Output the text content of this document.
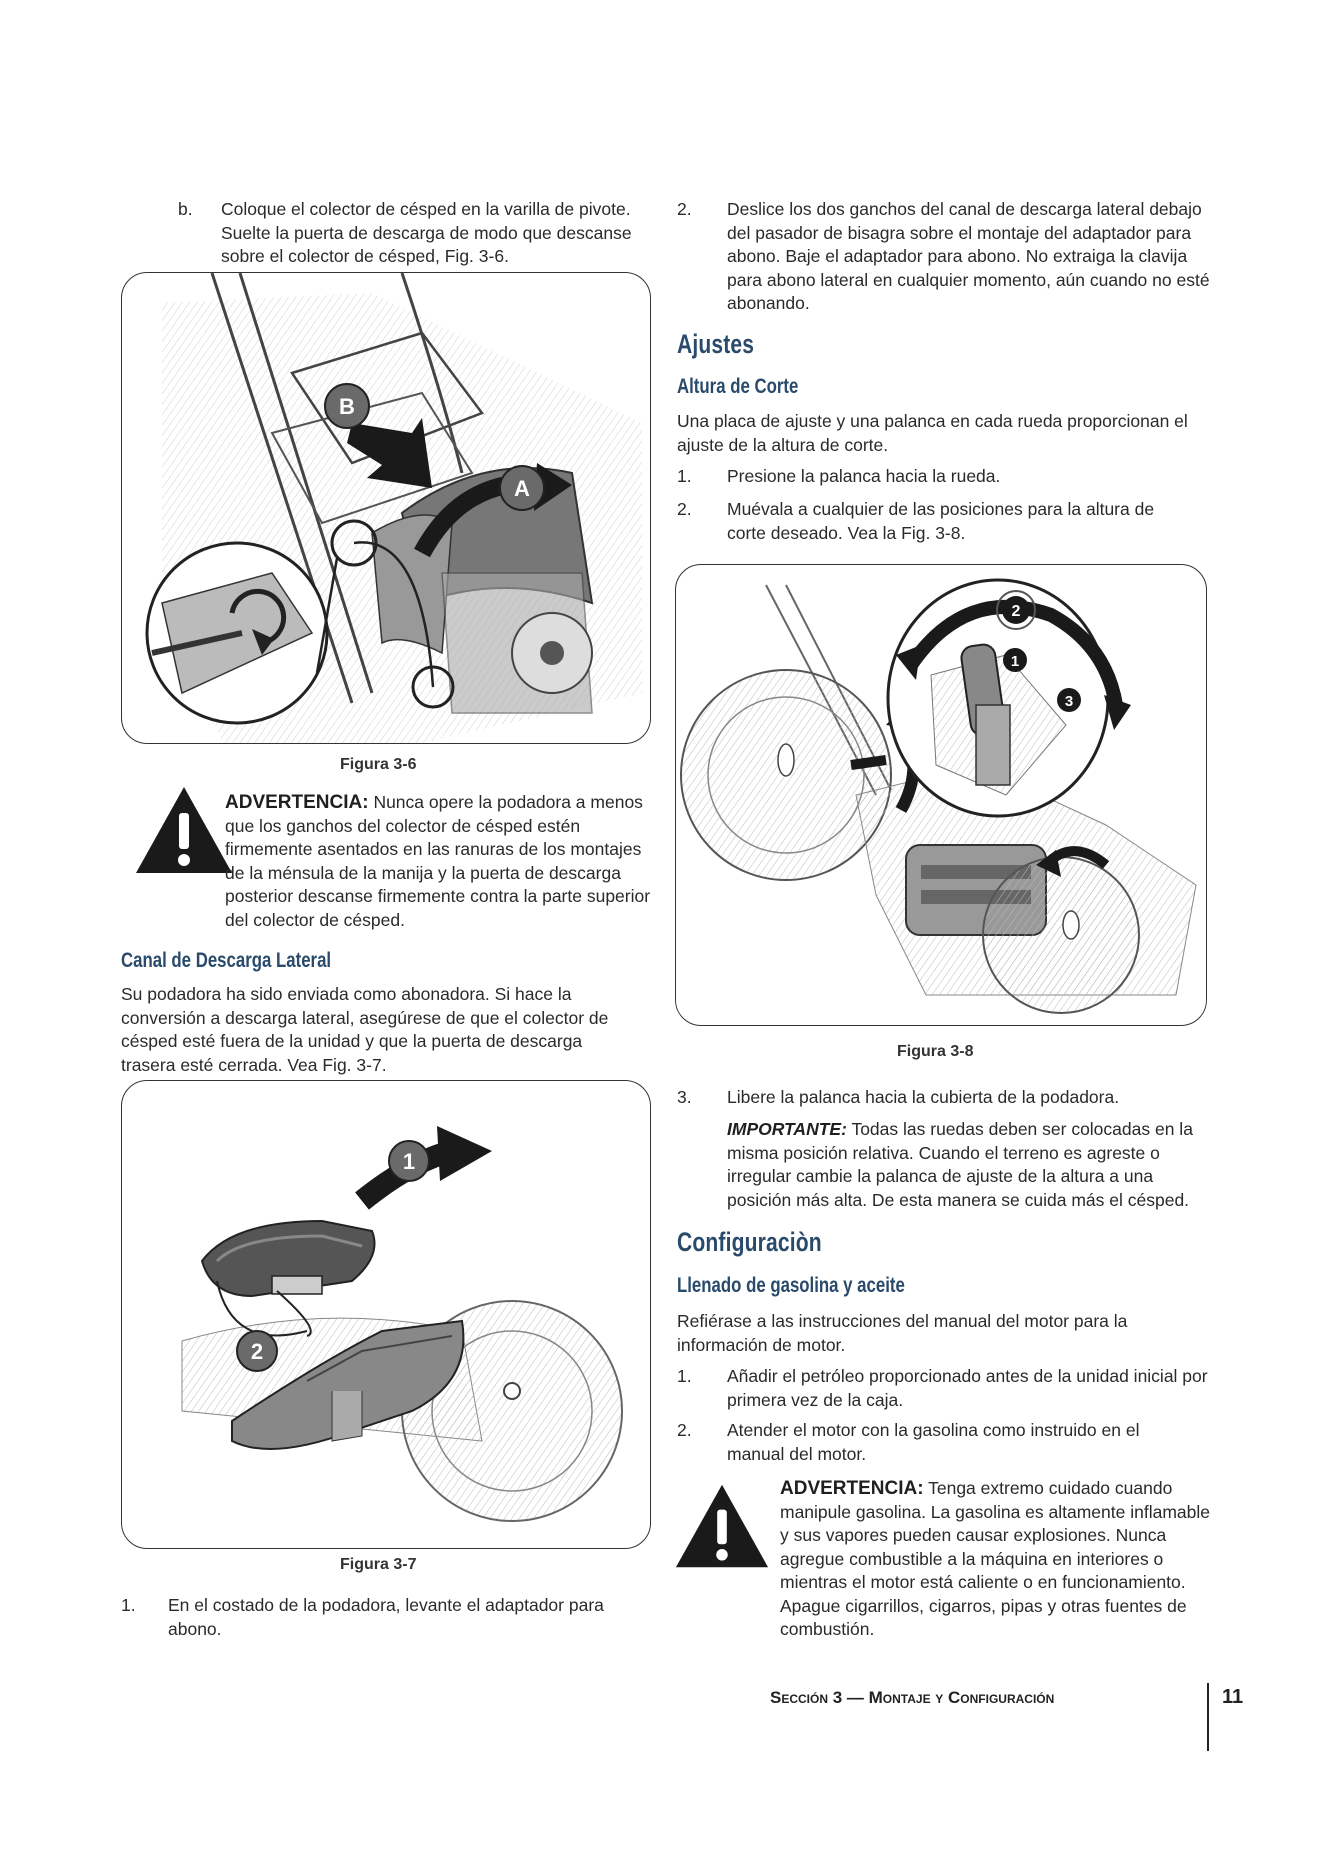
b. Coloque el colector de césped en la varilla de pivote. Suelte la puerta de descarga de modo que descanse sobre el colector de césped, Fig. 3-6.
B
A
Figura 3-6
ADVERTENCIA: Nunca opere la podadora a menos que los ganchos del colector de césped estén firmemente asentados en las ranuras de los montajes de la ménsula de la manija y la puerta de descarga posterior descanse firmemente contra la parte superior del colector de césped.
Canal de Descarga Lateral
Su podadora ha sido enviada como abonadora. Si hace la conversión a descarga lateral, asegúrese de que el colector de césped esté fuera de la unidad y que la puerta de descarga trasera esté cerrada. Vea Fig. 3-7.
1
2
Figura 3-7
1. En el costado de la podadora, levante el adaptador para abono.
2. Deslice los dos ganchos del canal de descarga lateral debajo del pasador de bisagra sobre el montaje del adaptador para abono. Baje el adaptador para abono. No extraiga la clavija para abono lateral en cualquier momento, aún cuando no esté abonando.
Ajustes
Altura de Corte
Una placa de ajuste y una palanca en cada rueda proporcionan el ajuste de la altura de corte.
1. Presione la palanca hacia la rueda.
2. Muévala a cualquier de las posiciones para la altura de corte deseado. Vea la Fig. 3-8.
2
1
3
Figura 3-8
3. Libere la palanca hacia la cubierta de la podadora.
IMPORTANTE: Todas las ruedas deben ser colocadas en la misma posición relativa. Cuando el terreno es agreste o irregular cambie la palanca de ajuste de la altura a una posición más alta. De esta manera se cuida más el césped.
Configuraciòn
Llenado de gasolina y aceite
Refiérase a las instrucciones del manual del motor para la información de motor.
1. Añadir el petróleo proporcionado antes de la unidad inicial por primera vez de la caja.
2. Atender el motor con la gasolina como instruido en el manual del motor.
ADVERTENCIA: Tenga extremo cuidado cuando manipule gasolina. La gasolina es altamente inflamable y sus vapores pueden causar explosiones. Nunca agregue combustible a la máquina en interiores o mientras el motor está caliente o en funcionamiento. Apague cigarrillos, cigarros, pipas y otras fuentes de combustión.
Sección 3 — Montaje y Configuración	11
